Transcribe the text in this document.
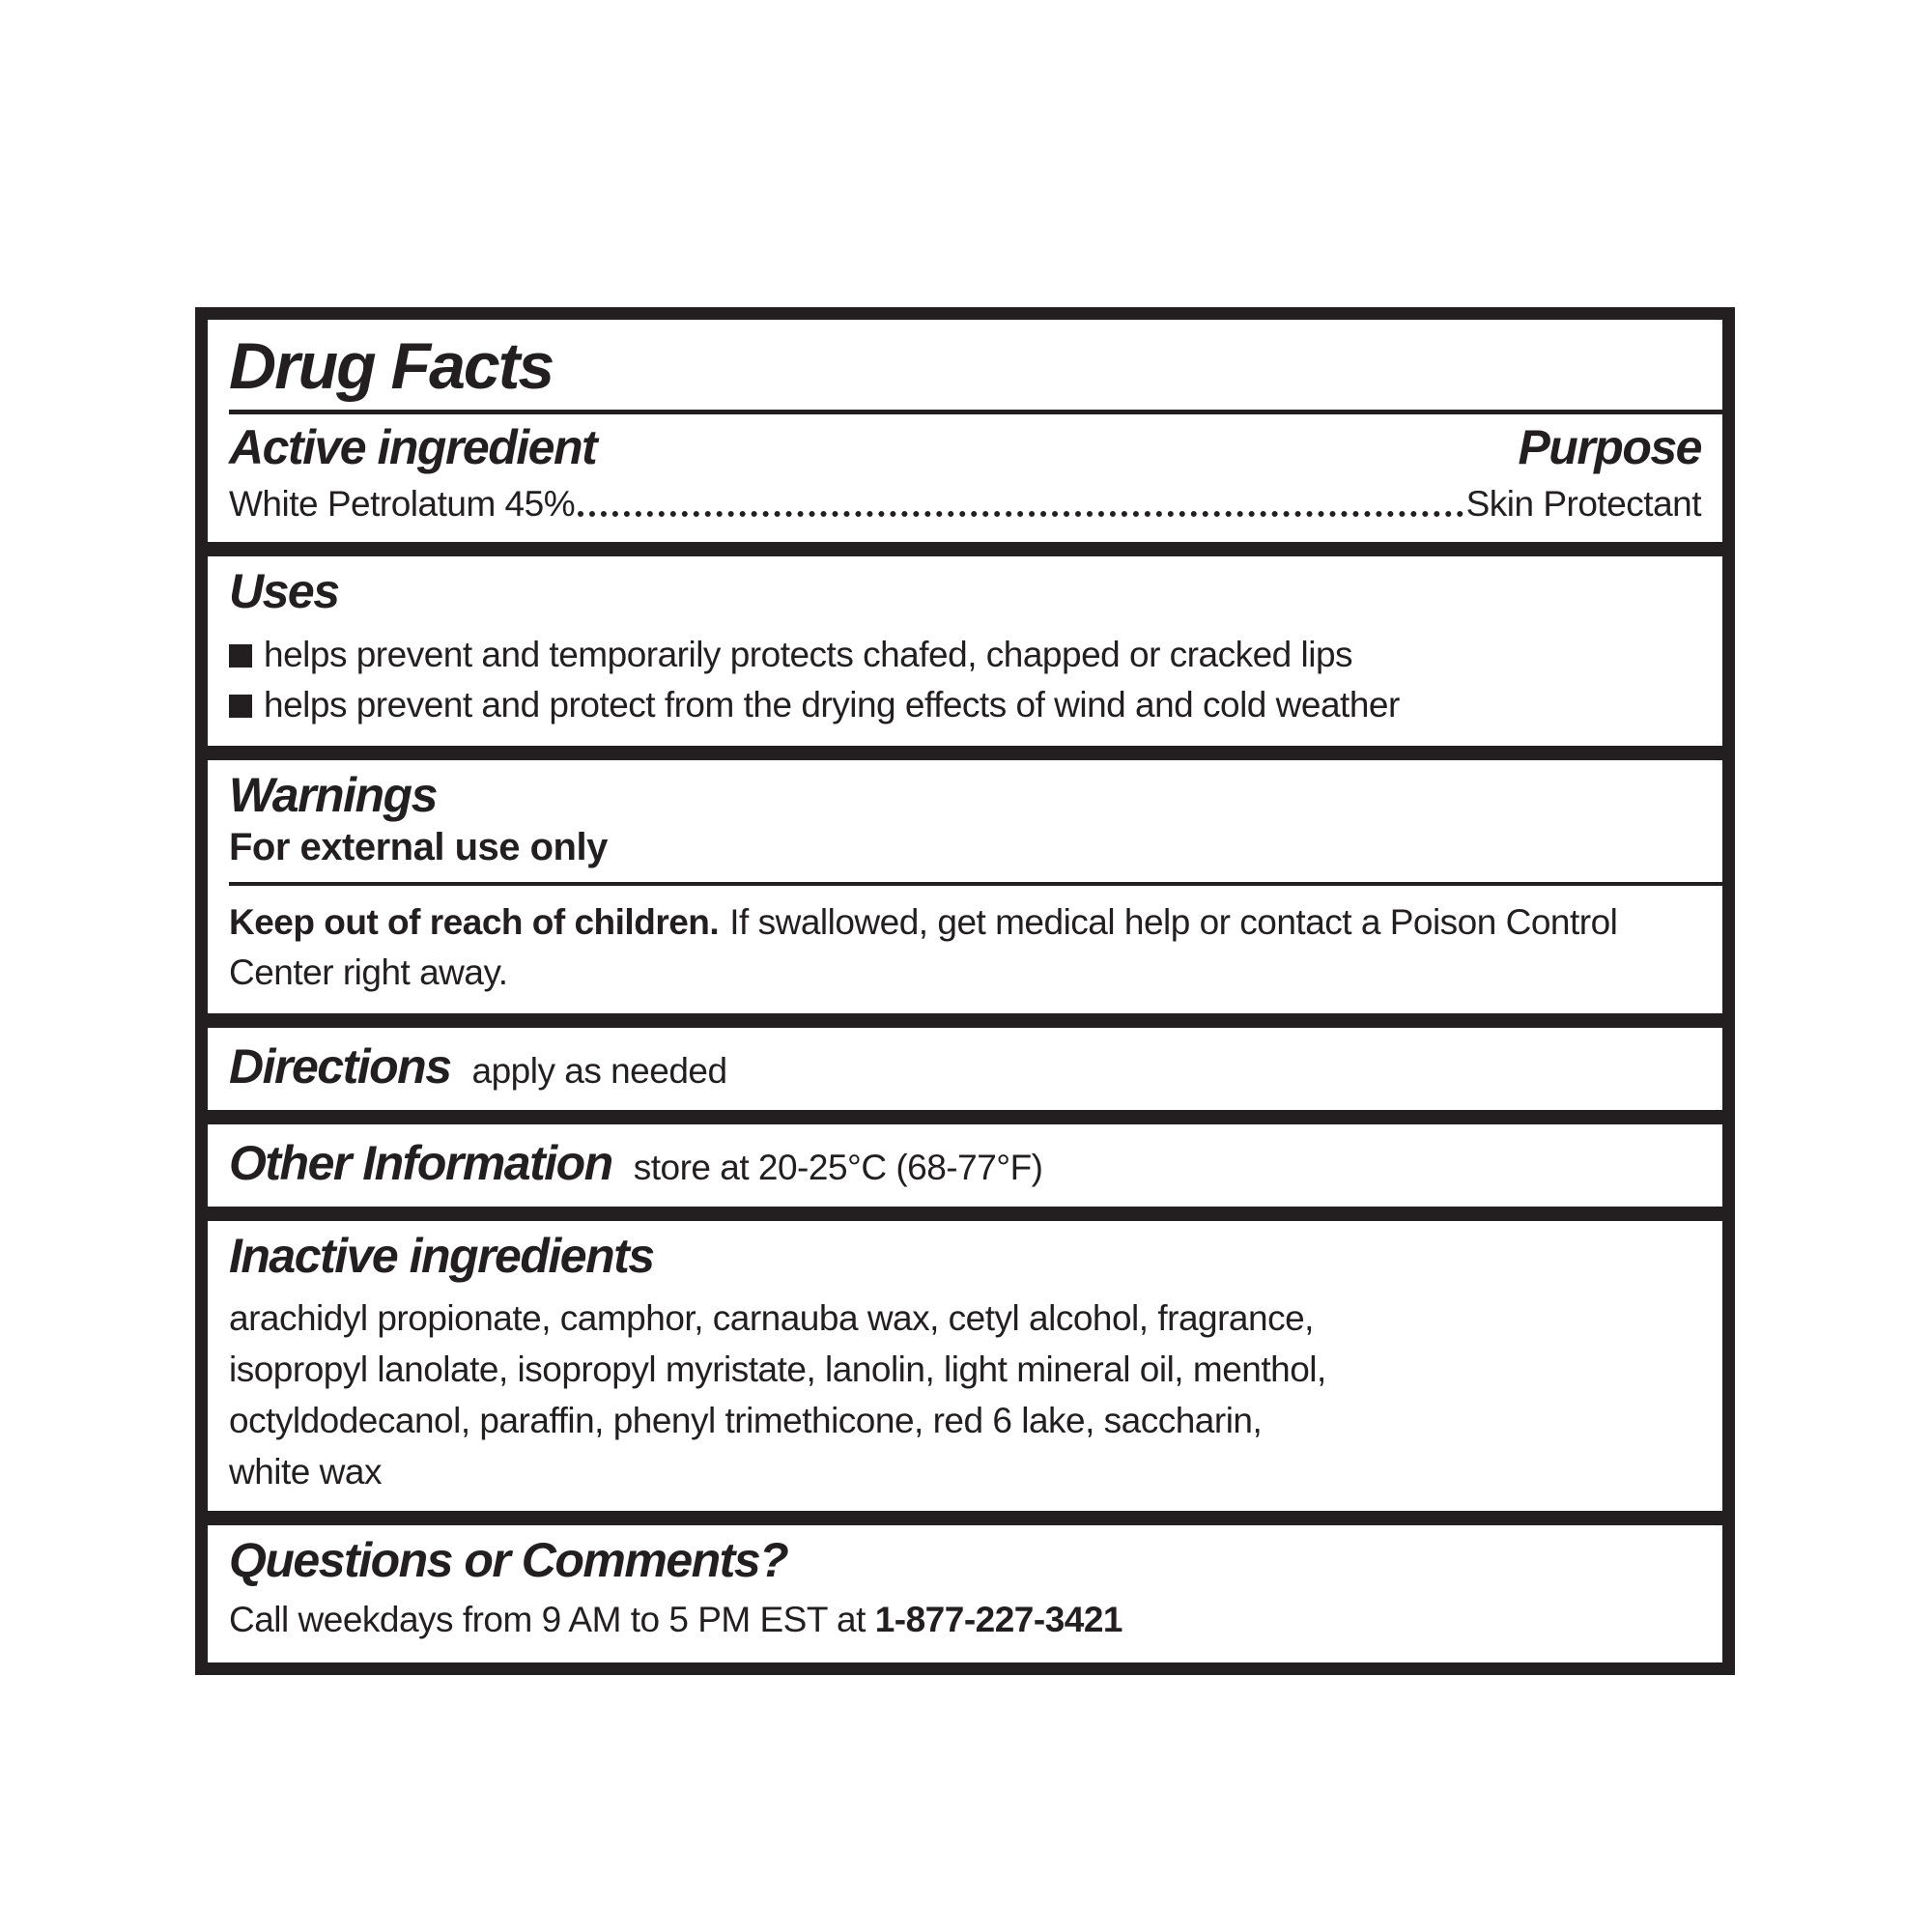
Drug Facts
Active ingredient	Purpose
White Petrolatum 45%	Skin Protectant
Uses
helps prevent and temporarily protects chafed, chapped or cracked lips
helps prevent and protect from the drying effects of wind and cold weather
Warnings
For external use only

Keep out of reach of children. If swallowed, get medical help or contact a Poison Control Center right away.

Directions apply as needed
Other Information store at 20-25°C (68-77°F)
Inactive ingredients
arachidyl propionate, camphor, carnauba wax, cetyl alcohol, fragrance,
isopropyl lanolate, isopropyl myristate, lanolin, light mineral oil, menthol,
octyldodecanol, paraffin, phenyl trimethicone, red 6 lake, saccharin,
white wax
Questions or Comments?

Call weekdays from 9 AM to 5 PM EST at 1-877-227-3421
